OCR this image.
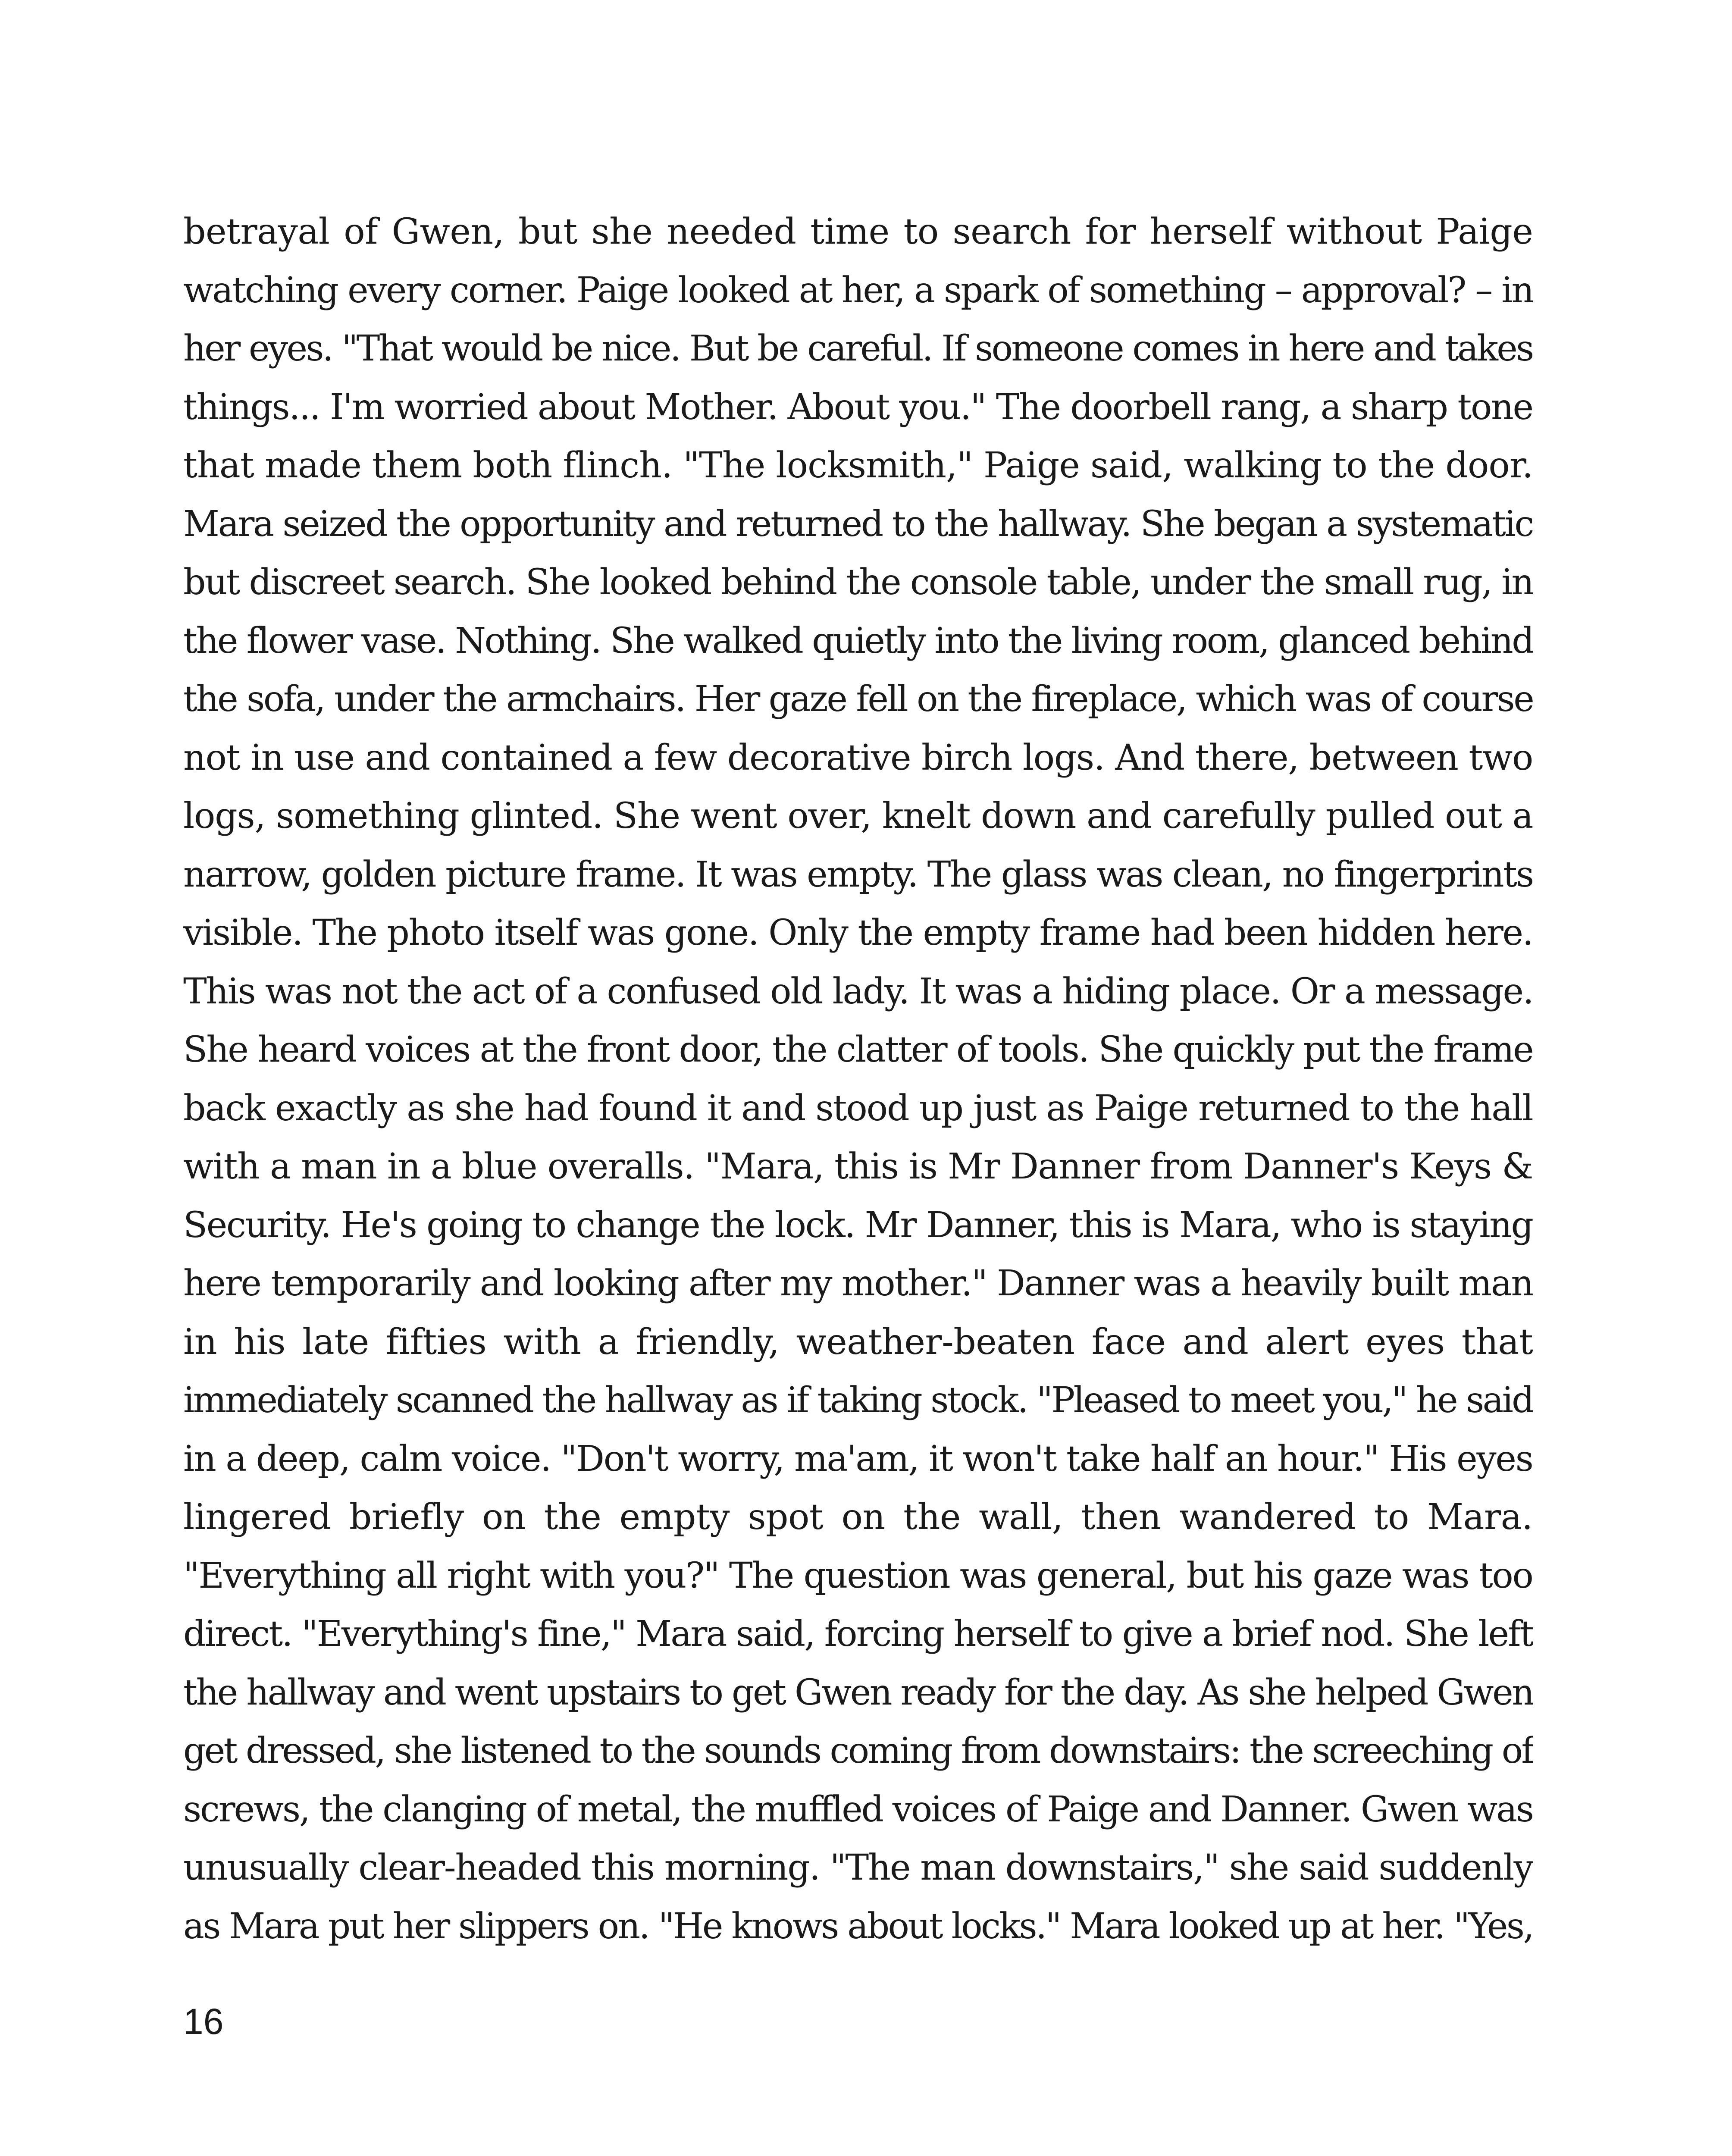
betrayal of Gwen, but she needed time to search for herself without Paige
watching every corner. Paige looked at her, a spark of something – approval? – in
her eyes. "That would be nice. But be careful. If someone comes in here and takes
things... I'm worried about Mother. About you." The doorbell rang, a sharp tone
that made them both flinch. "The locksmith," Paige said, walking to the door.
Mara seized the opportunity and returned to the hallway. She began a systematic
but discreet search. She looked behind the console table, under the small rug, in
the flower vase. Nothing. She walked quietly into the living room, glanced behind
the sofa, under the armchairs. Her gaze fell on the fireplace, which was of course
not in use and contained a few decorative birch logs. And there, between two
logs, something glinted. She went over, knelt down and carefully pulled out a
narrow, golden picture frame. It was empty. The glass was clean, no fingerprints
visible. The photo itself was gone. Only the empty frame had been hidden here.
This was not the act of a confused old lady. It was a hiding place. Or a message.
She heard voices at the front door, the clatter of tools. She quickly put the frame
back exactly as she had found it and stood up just as Paige returned to the hall
with a man in a blue overalls. "Mara, this is Mr Danner from Danner's Keys &
Security. He's going to change the lock. Mr Danner, this is Mara, who is staying
here temporarily and looking after my mother." Danner was a heavily built man
in his late fifties with a friendly, weather-beaten face and alert eyes that
immediately scanned the hallway as if taking stock. "Pleased to meet you," he said
in a deep, calm voice. "Don't worry, ma'am, it won't take half an hour." His eyes
lingered briefly on the empty spot on the wall, then wandered to Mara.
"Everything all right with you?" The question was general, but his gaze was too
direct. "Everything's fine," Mara said, forcing herself to give a brief nod. She left
the hallway and went upstairs to get Gwen ready for the day. As she helped Gwen
get dressed, she listened to the sounds coming from downstairs: the screeching of
screws, the clanging of metal, the muffled voices of Paige and Danner. Gwen was
unusually clear-headed this morning. "The man downstairs," she said suddenly
as Mara put her slippers on. "He knows about locks." Mara looked up at her. "Yes,
16
